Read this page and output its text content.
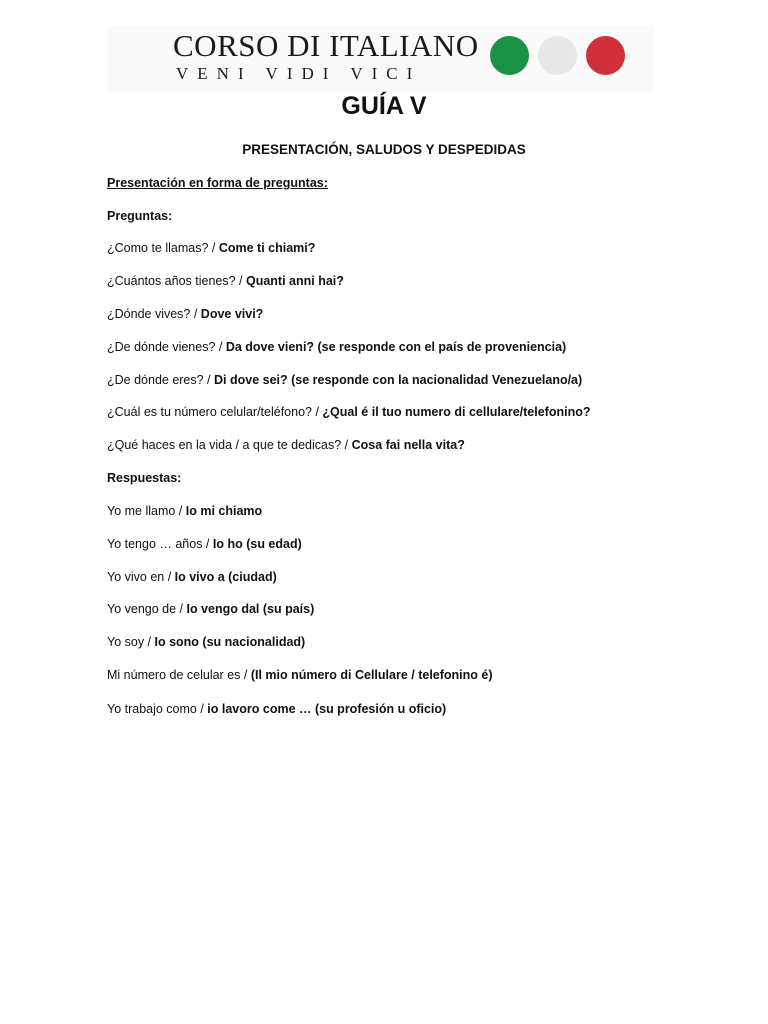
CORSO DI ITALIANO
VENI VIDI VICI
GUÍA V
PRESENTACIÓN, SALUDOS Y DESPEDIDAS
Presentación en forma de preguntas:
Preguntas:
¿Como te llamas? / Come ti chiami?
¿Cuántos años tienes? / Quanti anni hai?
¿Dónde vives? / Dove vivi?
¿De dónde vienes? / Da dove vieni? (se responde con el país de proveniencia)
¿De dónde eres? / Di dove sei? (se responde con la nacionalidad Venezuelano/a)
¿Cuál es tu número celular/teléfono? / ¿Qual é il tuo numero di cellulare/telefonino?
¿Qué haces en la vida / a que te dedicas? / Cosa fai nella vita?
Respuestas:
Yo me llamo / Io mi chiamo
Yo tengo … años / Io ho (su edad)
Yo vivo en / Io vivo a (ciudad)
Yo vengo de / Io vengo dal (su país)
Yo soy / Io sono (su nacionalidad)
Mi número de celular es / (Il mio número di Cellulare / telefonino é)
Yo trabajo como / io lavoro come … (su profesión u oficio)
